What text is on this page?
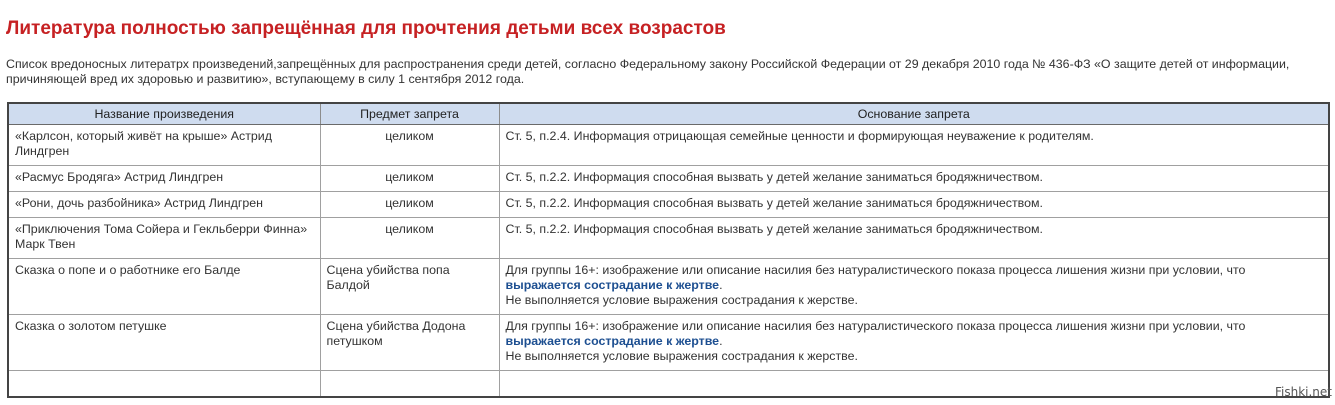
Литература полностью запрещённая для прочтения детьми всех возрастов

Список вредоносных литератрх произведений,запрещённых для распространения среди детей, согласно Федеральному закону Российской Федерации от 29 декабря 2010 года № 436-ФЗ «О защите детей от информации, причиняющей вред их здоровью и развитию», вступающему в силу 1 сентября 2012 года.

Название произведения	Предмет запрета	Основание запрета
«Карлсон, который живёт на крыше» Астрид Линдгрен	целиком	Ст. 5, п.2.4. Информация отрицающая семейные ценности и формирующая неуважение к родителям.
«Расмус Бродяга» Астрид Линдгрен	целиком	Ст. 5, п.2.2. Информация способная вызвать у детей желание заниматься бродяжничеством.
«Рони, дочь разбойника» Астрид Линдгрен	целиком	Ст. 5, п.2.2. Информация способная вызвать у детей желание заниматься бродяжничеством.
«Приключения Тома Сойера и Гекльберри Финна» Марк Твен	целиком	Ст. 5, п.2.2. Информация способная вызвать у детей желание заниматься бродяжничеством.
Сказка о попе и о работнике его Балде	Сцена убийства попа Балдой	Для группы 16+: изображение или описание насилия без натуралистического показа процесса лишения жизни при условии, что
выражается сострадание к жертве.
Не выполняется условие выражения сострадания к жерстве.
Сказка о золотом петушке	Сцена убийства Додона петушком	Для группы 16+: изображение или описание насилия без натуралистического показа процесса лишения жизни при условии, что
выражается сострадание к жертве.
Не выполняется условие выражения сострадания к жерстве.

Fishki.net
